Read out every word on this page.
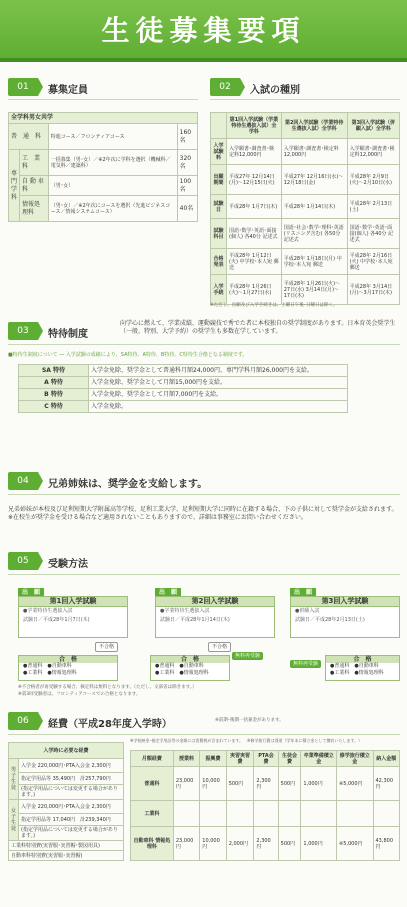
生徒募集要項
01	募集定員
全学科男女共学			
普　通　科		特進コース／フロンティアコース	160名
専門学科	工　業　科	一括募集（男･女）／※2年次に学科を選択（機械科／電気科／建築科）	320名
	自 動 車 科	（男･女）	100名
	情報処理科	（男･女）／※2年次にコースを選択（先進ビジネスコース／情報システムコース）	40名
02	入試の種別
	第1回入学試験（学業特待生選抜入試）全学科	第2回入学試験（学業特待生選抜入試）全学科	第3回入学試験（併願入試）全学科
入学試験料	入学願書･調査書･検定料12,000円	入学願書･調査書･検定料12,000円	入学願書･調査書･検定料12,000円
出願期間	平成27年 12月14日(月)〜12月15日(火)	平成27年 12月16日(水)〜12月18日(金)	平成28年 2月9日(火)〜2月10日(水)
試験日	平成28年 1月7日(木)	平成28年 1月14日(木)	平成28年 2月13日(土)
試験科目	国語･数学･英語･面接(個人) 各40分 記述式	国語･社会･数学･理科･英語(リスニング含む) 各50分 記述式	国語･数学･英語･面接(個人) 各40分 記述式
合格発表	平成28年 1月12日(火) 中学校･本人宛 郵送	平成28年 1月18日(月) 中学校･本人宛 郵送	平成28年 2月16日(火) 中学校･本人宛 郵送
入学手続	平成28年 1月26日(火)〜1月27日(水)	平成28年 1月26日(火)〜27日(水) 3月14日(月)〜17日(木)	平成28年 3月14日(月)〜3月17日(木)
※ただし、出願及び入学手続きは、土曜日午後･日曜日は除く。
03	特待制度
向学心に燃えて、学業成績、運動競技で秀でた者に本校独自の奨学制度があります。日本育英会奨学生（一般、特別、大学予約）の奨学生も多数在学しています。
■特待生制度について ― 入学試験の成績により、SA特待、A特待、B特待、C特待生合格となる制度です。
SA 特待	入学金免除、奨学金として普通科月額24,000円、専門学科月額26,000円を支給。
A 特待	入学金免除、奨学金として月額15,000円を支給。
B 特待	入学金免除、奨学金として月額7,000円を支給。
C 特待	入学金免除。
04	兄弟姉妹は、奨学金を支給します。
兄弟姉妹が本校及び足利短期大学附属高等学校、足利工業大学、足利短期大学に同時に在籍する場合、下の子供に対して奨学金が支給されます。※在校生が奨学金を受ける場合など適用されないこともありますので、詳細は事務室にお問い合わせください。
05	受験方法
出　願
第1回入学試験
●学業特待生選抜入試
試験日／平成28年1月7日(木)
出　願
第2回入学試験
●学業特待生選抜入試
試験日／平成28年1月14日(木)
出　願
第3回入学試験
●併願入試
試験日／平成28年2月13日(土)
不合格	不合格
無料再受験
無料再受験
合　格
●普通科　 ●自動車科
●工業科　 ●情報処理科
合　格
●普通科　 ●自動車科
●工業科　 ●情報処理科
合　格
●普通科　 ●自動車科
●工業科　 ●情報処理科
※不合格者が再受験する場合、検定料は無料となります。（ただし、文部省は除きます。）
※第3回受験者は、フロンティアコースでの合格となります。
06	経費（平成28年度入学時）	※前期･後期一括兼金があります。
入学時に必要な経費	
男子生徒	入学金 220,000円･PTA入会金 2,300円
	指定学用品等 35,490円　計257,790円
	(指定学用品については変更する場合があります。)
女子生徒	入学金 220,000円･PTA入会金 2,300円
	指定学用品等 17,040円　計239,340円
	(指定学用品については変更する場合があります。)
工業科特別費(実習服･実習帽･製図用具)	
自動車科特別費(実習服･実習帽)	
※学校納金･指定学用品等の金額には消費税が含まれています。　※修学旅行費は別途（学年末に積立金として徴収いたします。）
月額経費	授業料	振興費	実習実習費	PTA会費	生徒会費	卒業準備積立金	修学旅行積立金	納入金額
普通科	23,000円	10,000円	500円	2,300円	500円	1,000円	※5,000円	42,300円
工業科								
自動車科 情報処理科	23,000円	10,000円	2,000円	2,300円	500円	1,000円	※5,000円	43,800円
